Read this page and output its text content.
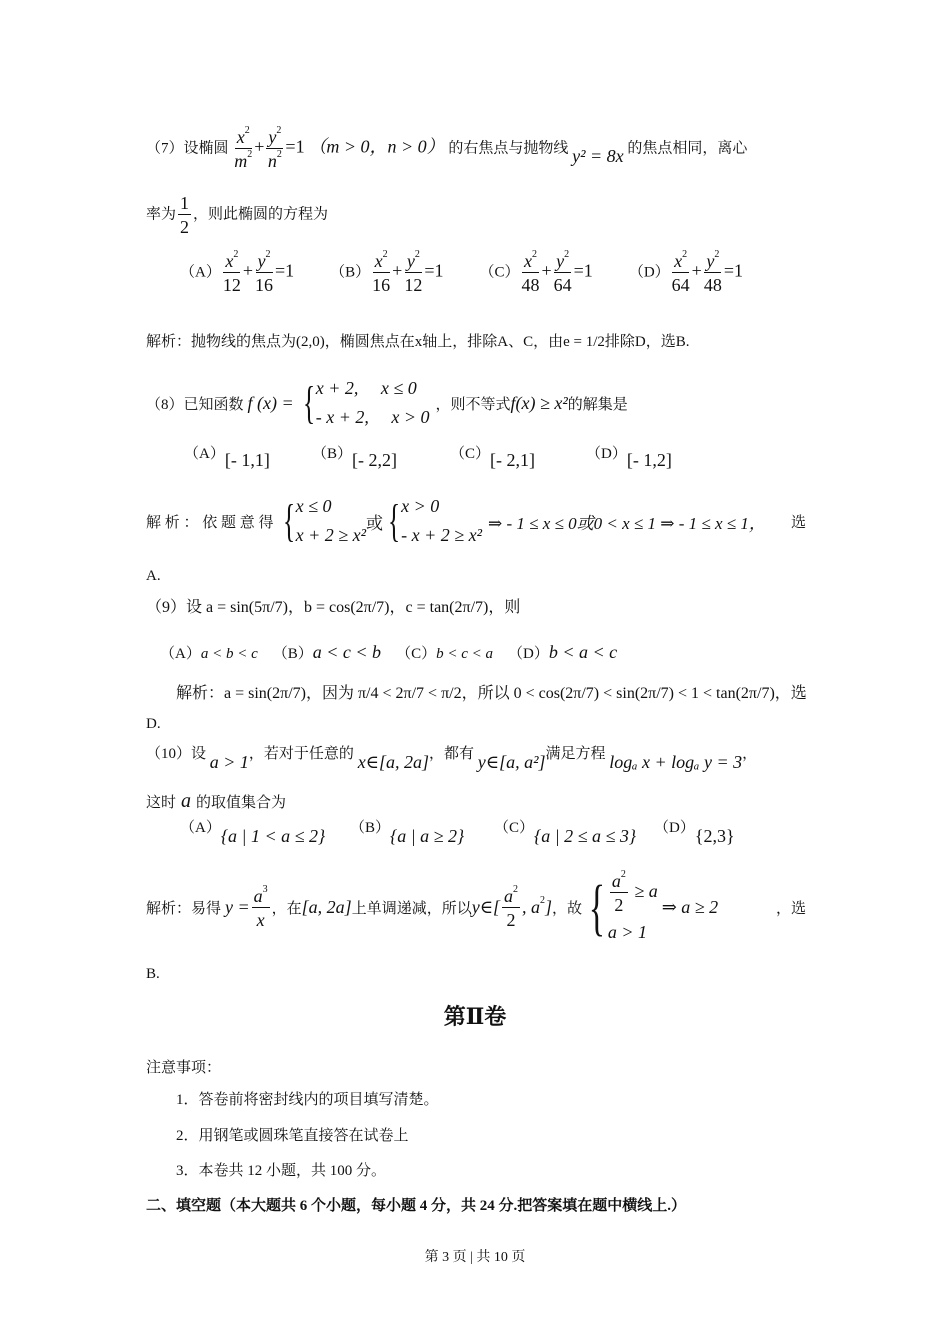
（7）设椭圆 $\frac{x^2}{m^2} + \frac{y^2}{n^2} =1$ （m > 0，n > 0） 的右焦点与抛物线 y² = 8x 的焦点相同，离心
率为 $\frac{1}{2}$ ，则此椭圆的方程为
$(A) \frac{x^2}{12} + \frac{y^2}{16} =1$ $(B) \frac{x^2}{16} + \frac{y^2}{12} =1$ $(C) \frac{x^2}{48} + \frac{y^2}{64} =1$ $(D) \frac{x^2}{64} + \frac{y^2}{48} =1$
解析：抛物线的焦点为(2,0)，椭圆焦点在x轴上，排除A、C，由e = 1/2排除D，选B.
（8）已知函数 f (x) = { x + 2, x ≤ 0
- x + 2, x > 0
，则不等式 f(x) ≥ x² 的解集是
（A）[- 1,1]	（B）[- 2,2]	（C）[- 2,1]	（D）[- 1,2]
解 析 ： 依 题 意 得 { x ≤ 0
x + 2 ≥ x²
或 { x > 0
- x + 2 ≥ x²
⇒ - 1 ≤ x ≤ 0或0 < x ≤ 1 ⇒ - 1 ≤ x ≤ 1， 选
A.
（9）设 a = sin(5π/7)，b = cos(2π/7)，c = tan(2π/7)，则
（A）a < b < c （B）a < c < b （C）b < c < a （D）b < a < c
解析：a = sin(2π/7)，因为 π/4 < 2π/7 < π/2，所以 0 < cos(2π/7) < sin(2π/7) < 1 < tan(2π/7)，选
D.
（10）设 a > 1，若对于任意的 x∈[a, 2a]，都有 y∈[a, a²]满足方程 logₐ x + logₐ y = 3，
这时 a 的取值集合为
（A）{a | 1 < a ≤ 2} （B）{a | a ≥ 2} （C）{a | 2 ≤ a ≤ 3} （D）{2,3}
解析：易得 $y = \frac{a^3}{x}$ ，在 [a, 2a] 上单调递减，所以 y∈[ $\frac{a^2}{2}$ , $a^2$] ，故 { $\frac{a^2}{2} \ge a$
a > 1
⇒ a ≥ 2	，选
B.
第Ⅱ卷
注意事项：
1．答卷前将密封线内的项目填写清楚。
2．用钢笔或圆珠笔直接答在试卷上
3．本卷共 12 小题，共 100 分。
二、填空题（本大题共 6 个小题，每小题 4 分，共 24 分.把答案填在题中横线上.）
第 3 页 | 共 10 页
